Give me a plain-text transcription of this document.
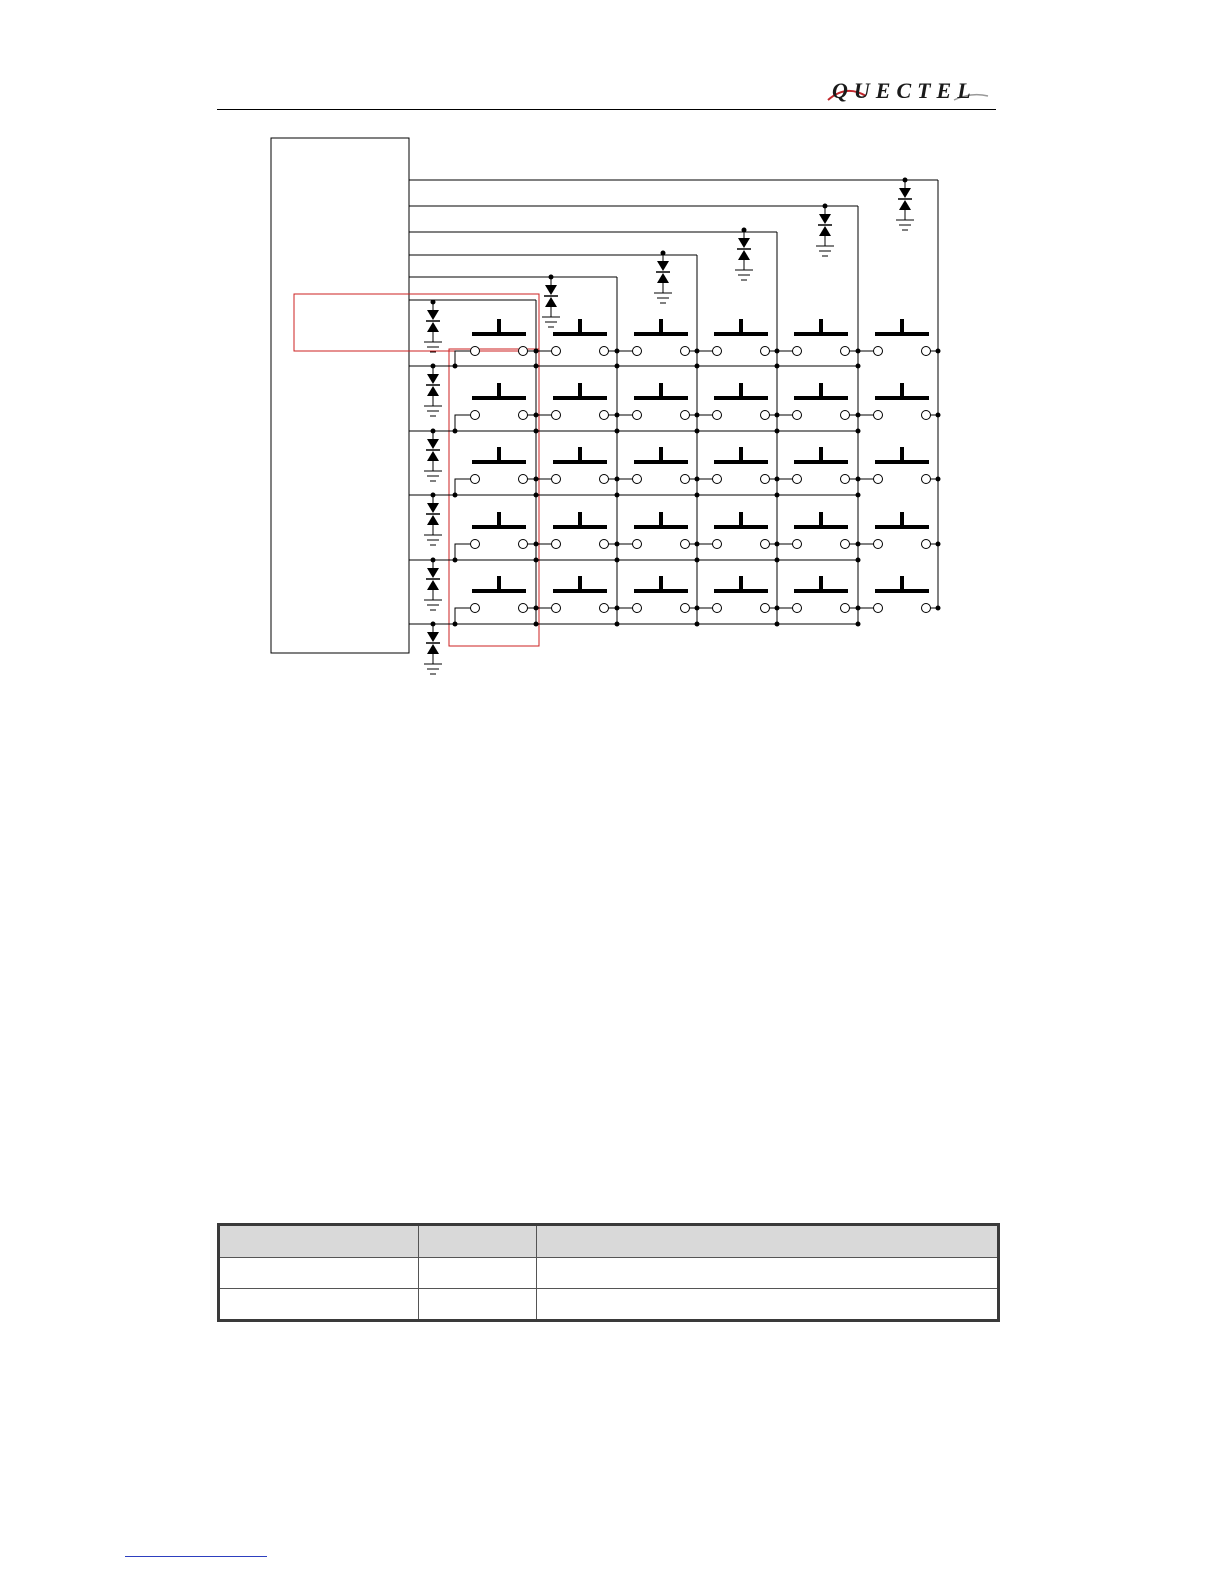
QUECTEL
